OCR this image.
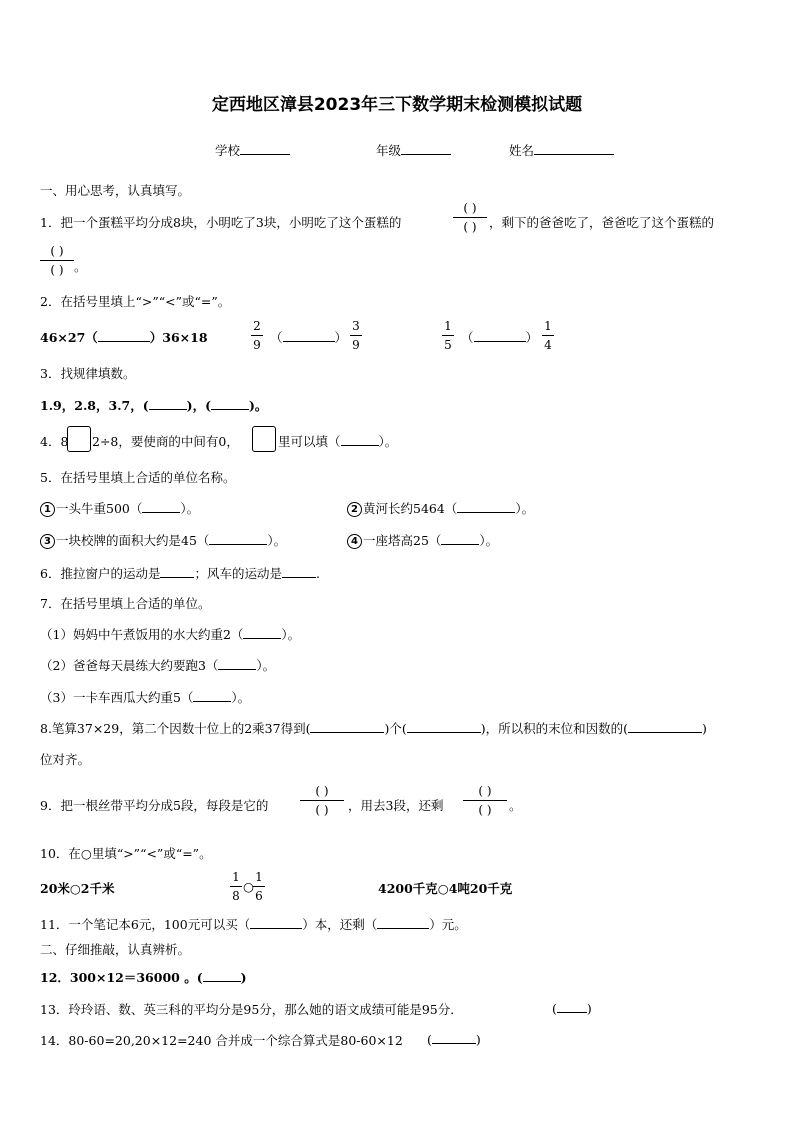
定西地区漳县2023年三下数学期末检测模拟试题
学校	年级	姓名
一、用心思考，认真填写。
1．把一个蛋糕平均分成8块，小明吃了3块，小明吃了这个蛋糕的
( )
( ) ，剩下的爸爸吃了，爸爸吃了这个蛋糕的
( )
( ) 。
2．在括号里填上“>”“<”或“=”。
46×27（	）36×18
2
9 （	）
3
9
1
5 （	）
1
4
3．找规律填数。
1.9，2.8，3.7，(	)，(	)。
4．8 2÷8，要使商的中间有0，	里可以填（	）。
5．在括号里填上合适的单位名称。
1 一头牛重500（	）。	2 黄河长约5464（	）。
3 一块校牌的面积大约是45（	）。	4 一座塔高25（	）。
6．推拉窗户的运动是	；风车的运动是	.
7．在括号里填上合适的单位。
（1）妈妈中午煮饭用的水大约重2（	）。
（2）爸爸每天晨练大约要跑3（	）。
（3）一卡车西瓜大约重5（	）。
8.笔算37×29，第二个因数十位上的2乘37得到(	)个(	)，所以积的末位和因数的(	)
位对齐。
9．把一根丝带平均分成5段，每段是它的
( )
( ) ，用去3段，还剩
( )
( ) 。
10．在○里填“>”“<”或“=”。
20米○2千米
1
8
○
1
6	4200千克○4吨20千克
11．一个笔记本6元，100元可以买（	）本，还剩（	）元。
二、仔细推敲，认真辨析。
12．300×12＝36000 。(	)
13．玲玲语、数、英三科的平均分是95分，那么她的语文成绩可能是95分．	( )
14．80-60=20,20×12=240 合并成一个综合算式是80-60×12 (	)
